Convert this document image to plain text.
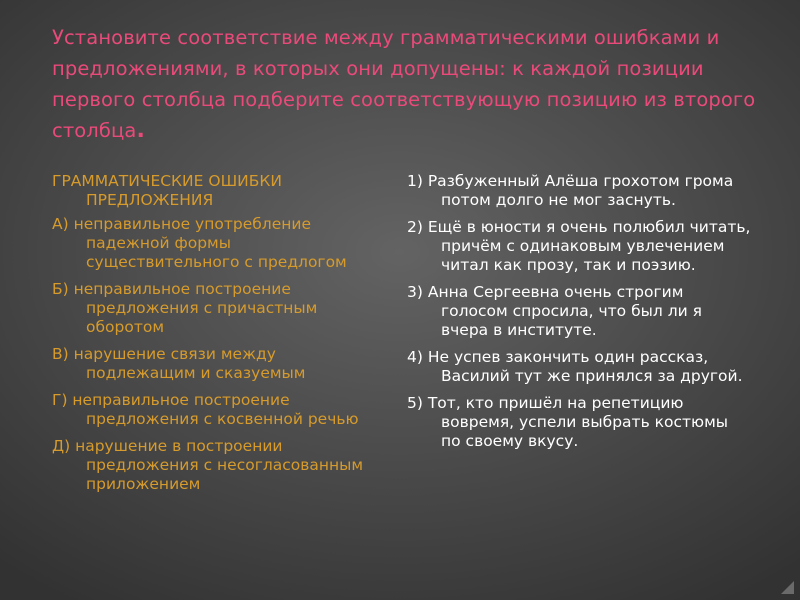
Установите соответствие между грамматическими ошибками и предложениями, в которых они допущены: к каждой позиции первого столбца подберите соответствующую позицию из второго столбца.

ГРАММАТИЧЕСКИЕ ОШИБКИ ПРЕДЛОЖЕНИЯ

А) неправильное употребление падежной формы существительного с предлогом

Б) неправильное построение предложения с причастным оборотом

В) нарушение связи между подлежащим и сказуемым

Г) неправильное построение предложения с косвенной речью

Д) нарушение в построении предложения с несогласованным приложением

1) Разбуженный Алёша грохотом грома потом долго не мог заснуть.

2) Ещё в юности я очень полюбил читать, причём с одинаковым увлечением читал как прозу, так и поэзию.

3) Анна Сергеевна очень строгим голосом спросила, что был ли я вчера в институте.

4) Не успев закончить один рассказ, Василий тут же принялся за другой.

5) Тот, кто пришёл на репетицию вовремя, успели выбрать костюмы по своему вкусу.
